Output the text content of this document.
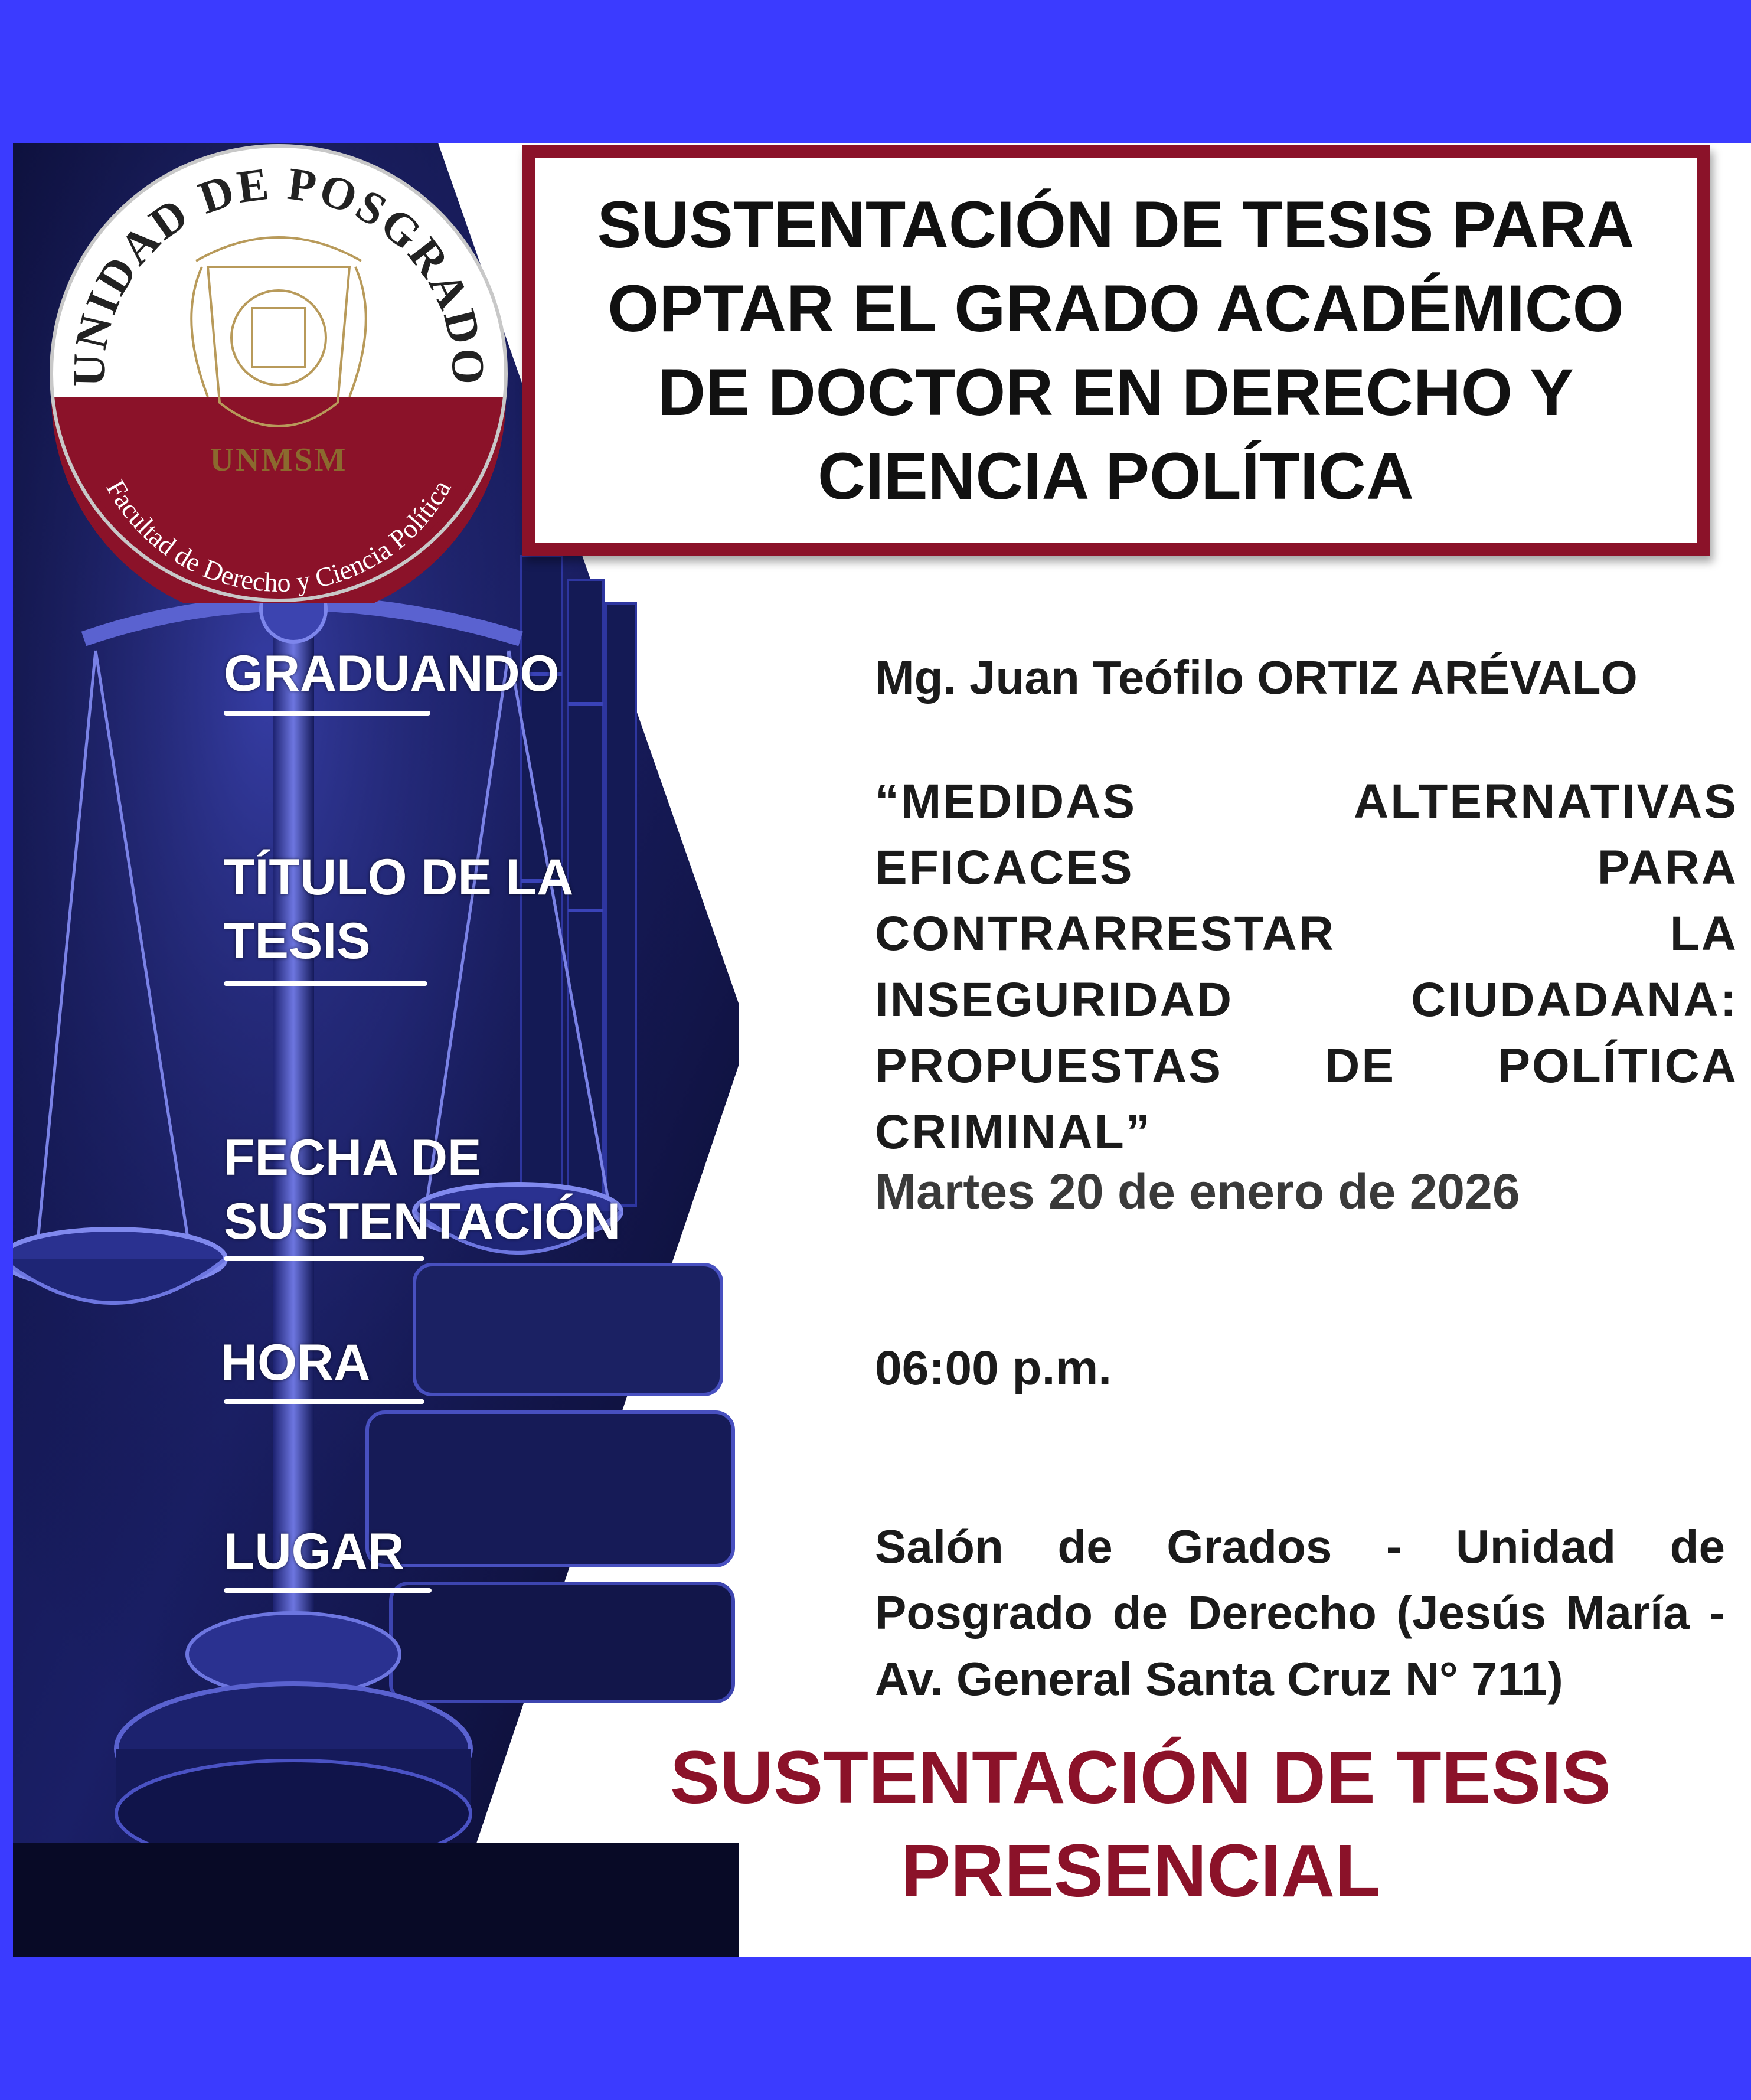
UNIDAD DE POSGRADO
Facultad de Derecho y Ciencia Política
UNMSM
SUSTENTACIÓN DE TESIS PARA OPTAR EL GRADO ACADÉMICO DE DOCTOR EN DERECHO Y CIENCIA POLÍTICA
GRADUANDO
TÍTULO DE LA
TESIS
FECHA DE
SUSTENTACIÓN
HORA
LUGAR
Mg. Juan Teófilo ORTIZ ARÉVALO
“MEDIDAS ALTERNATIVAS EFICACES PARA CONTRARRESTAR LA INSEGURIDAD CIUDADANA: PROPUESTAS DE POLÍTICA CRIMINAL”
Martes 20 de enero de 2026
06:00 p.m.
Salón de Grados - Unidad de Posgrado de Derecho (Jesús María - Av. General Santa Cruz N° 711)
SUSTENTACIÓN DE TESIS
PRESENCIAL
